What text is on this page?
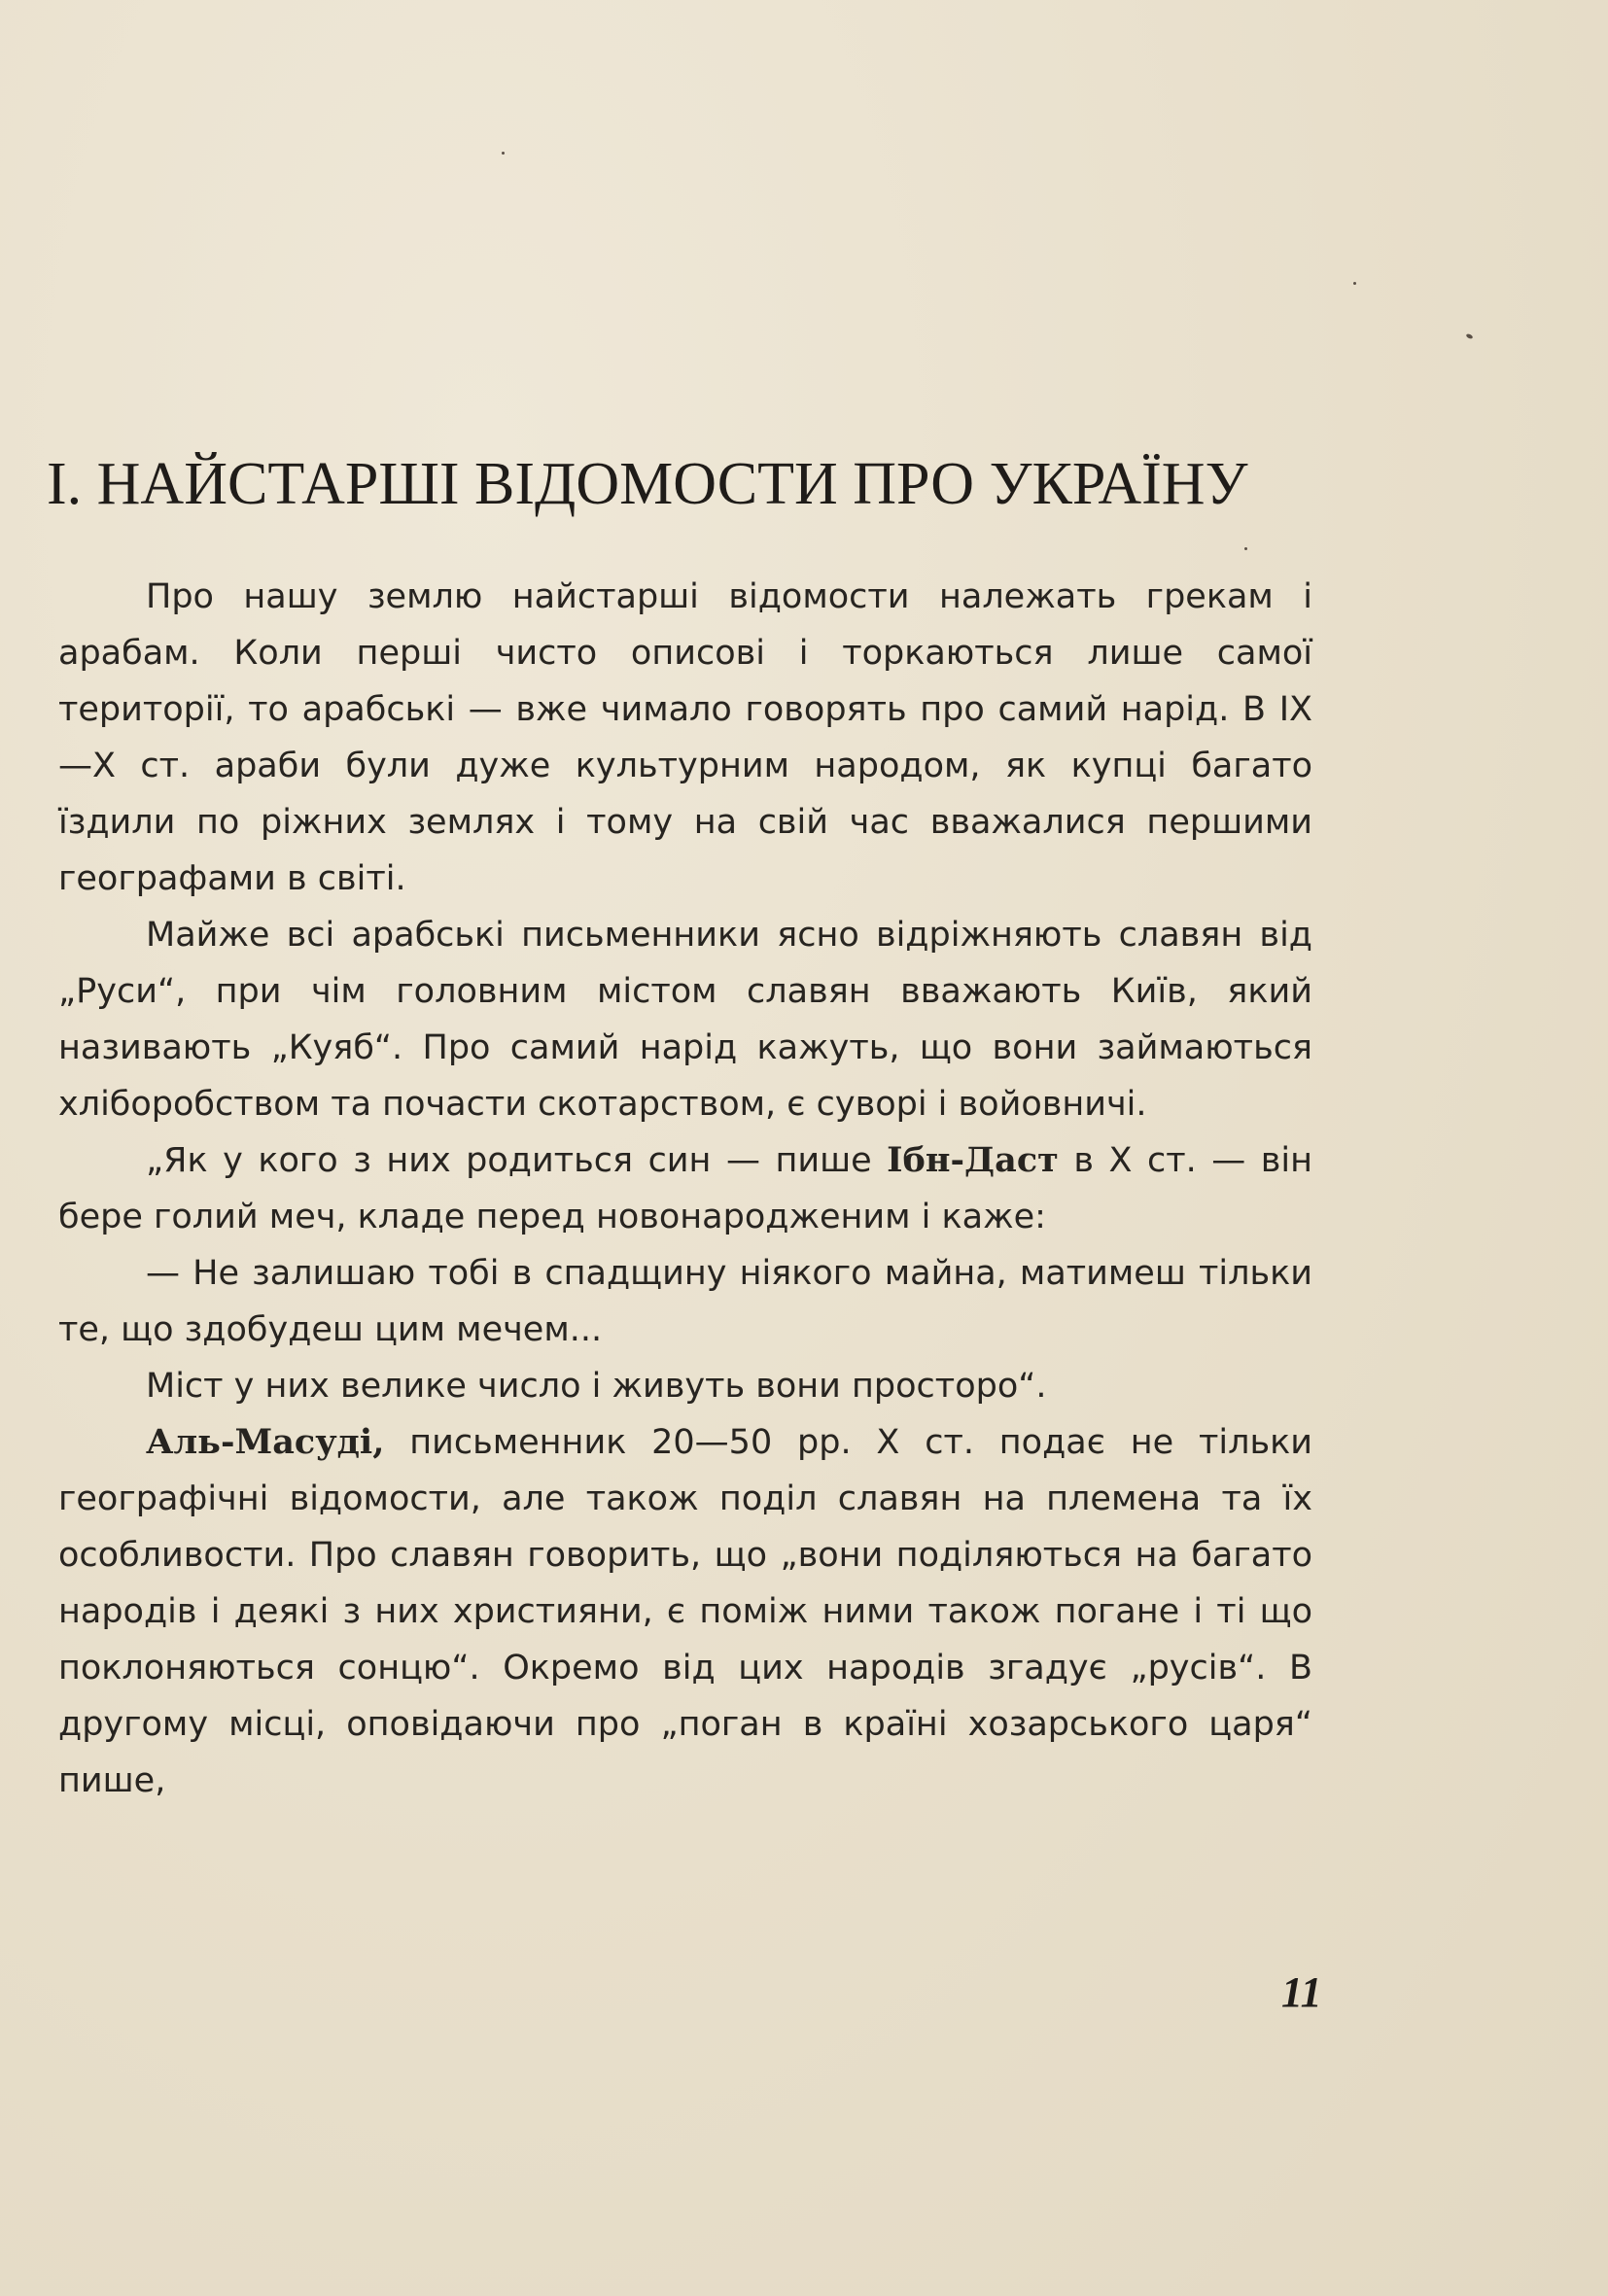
I. НАЙСТАРШІ ВІДОМОСТИ ПРО УКРАЇНУ

Про нашу землю найстарші відомости належать грекам і арабам. Коли перші чисто описові і торкаються лише самої території, то арабські — вже чимало говорять про самий нарід. В IX—X ст. араби були дуже культурним народом, як купці багато їздили по ріжних землях і тому на свій час вважалися першими географами в світі.

Майже всі арабські письменники ясно відріжняють славян від „Руси“, при чім головним містом славян вважають Київ, який називають „Куяб“. Про самий нарід кажуть, що вони займаються хліборобством та почасти скотарством, є суворі і войовничі.

„Як у кого з них родиться син — пише Ібн-Даст в X ст. — він бере голий меч, кладе перед новонародженим і каже:

— Не залишаю тобі в спадщину ніякого майна, матимеш тільки те, що здобудеш цим мечем...

Міст у них велике число і живуть вони просторо“.

Аль-Масуді, письменник 20—50 рр. X ст. подає не тільки географічні відомости, але також поділ славян на племена та їх особливости. Про славян говорить, що „вони поділяються на багато народів і деякі з них християни, є поміж ними також погане і ті що поклоняються сонцю“. Окремо від цих народів згадує „русів“. В другому місці, оповідаючи про „поган в країні хозарського царя“ пише,

11
